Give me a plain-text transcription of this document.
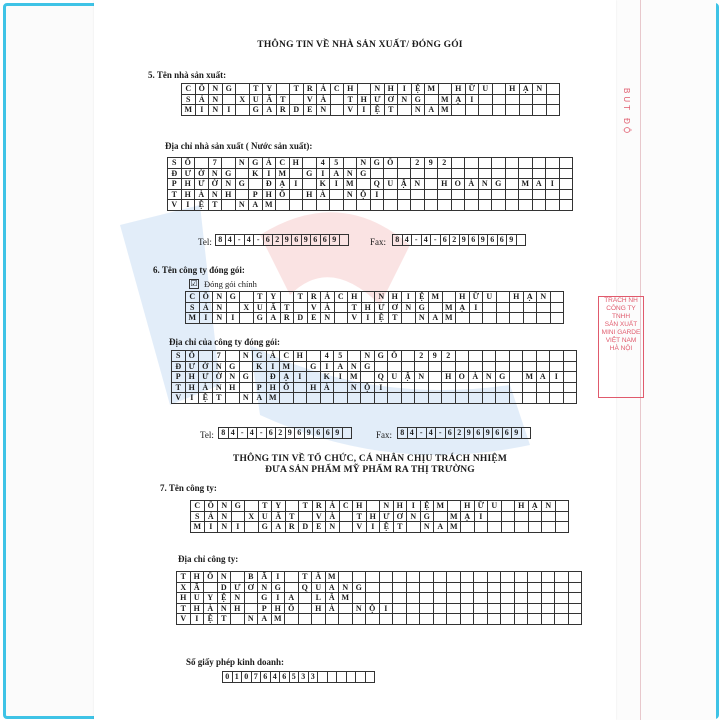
BUT ĐỘ
THÔNG TIN VỀ NHÀ SẢN XUẤT/ ĐÓNG GÓI
5. Tên nhà sản xuất:
C	Ô	N	G		T	Y		T	R	Á	C	H		N	H	I	Ệ	M		H	Ữ	U		H	Ạ	N	
S	Ả	N		X	U	Ấ	T		V	À		T	H	Ư	Ơ	N	G		M	Ạ	I						
M	I	N	I		G	A	R	D	E	N		V	I	Ệ	T		N	A	M								
Địa chỉ nhà sản xuất ( Nước sản xuất):
S	Ố		7		N	G	Á	C	H		4	5		N	G	Õ		2	9	2									
Đ	Ư	Ờ	N	G		K	I	M		G	I	A	N	G															
P	H	Ư	Ờ	N	G		Đ	Ạ	I		K	I	M		Q	U	Ậ	N		H	O	À	N	G		M	A	I	
T	H	À	N	H		P	H	Ố		H	À		N	Ộ	I														
V	I	Ệ	T		N	A	M																						
Tel: 8	4	-	4	-	6	2	9	6	9	6	6	9		Fax: 8	4	-	4	-	6	2	9	6	9	6	6	9	
6. Tên công ty đóng gói:
☑ Đóng gói chính
C	Ô	N	G		T	Y		T	R	Á	C	H		N	H	I	Ệ	M		H	Ữ	U		H	Ạ	N	
S	Ả	N		X	U	Ấ	T		V	À		T	H	Ư	Ơ	N	G		M	Ạ	I						
M	I	N	I		G	A	R	D	E	N		V	I	Ệ	T		N	A	M								
Địa chỉ của công ty đóng gói:
S	Ố		7		N	G	Á	C	H		4	5		N	G	Õ		2	9	2									
Đ	Ư	Ờ	N	G		K	I	M		G	I	A	N	G															
P	H	Ư	Ờ	N	G		Đ	Ạ	I		K	I	M		Q	U	Ậ	N		H	O	À	N	G		M	A	I	
T	H	À	N	H		P	H	Ố		H	À		N	Ộ	I														
V	I	Ệ	T		N	A	M																						
Tel: 8	4	-	4	-	6	2	9	6	9	6	6	9		Fax: 8	4	-	4	-	6	2	9	6	9	6	6	9	
THÔNG TIN VỀ TỔ CHỨC, CÁ NHÂN CHỊU TRÁCH NHIỆM
ĐƯA SẢN PHẨM MỸ PHẨM RA THỊ TRƯỜNG
7. Tên công ty:
C	Ô	N	G		T	Y		T	R	Á	C	H		N	H	I	Ệ	M		H	Ữ	U		H	Ạ	N	
S	Ả	N		X	U	Ấ	T		V	À		T	H	Ư	Ơ	N	G		M	Ạ	I						
M	I	N	I		G	A	R	D	E	N		V	I	Ệ	T		N	A	M								
Địa chỉ công ty:
T	H	Ô	N		B	Ã	I		T	Â	M																		
X	Ã		D	Ư	Ơ	N	G		Q	U	A	N	G																
H	U	Y	Ệ	N		G	I	A		L	Â	M																	
T	H	À	N	H		P	H	Ố		H	À		N	Ộ	I														
V	I	Ệ	T		N	A	M																						
Số giấy phép kinh doanh:
0	1	0	7	6	4	6	5	3	3						
TRÁCH NH
CÔNG TY
TNHH
SẢN XUẤT
MINI GARDE
VIỆT NAM
HÀ NỘI
